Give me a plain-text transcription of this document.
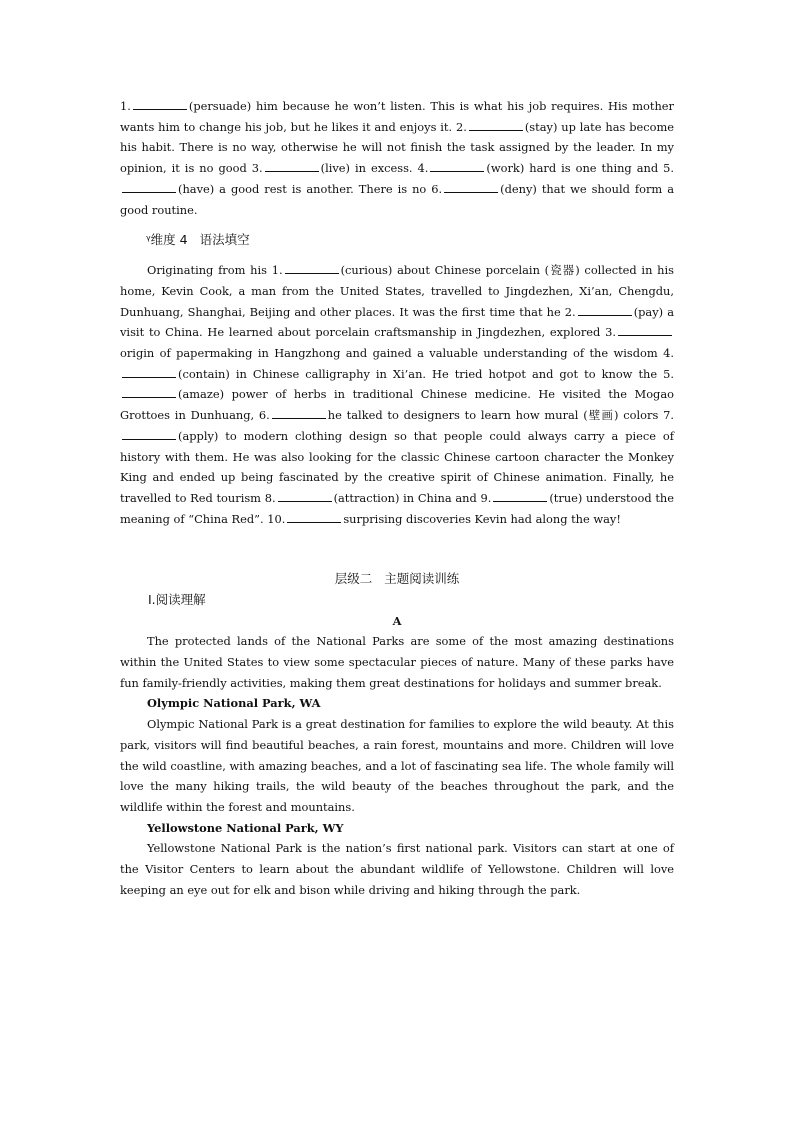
1.	(persuade) him because he won’t listen. This is what his job requires. His mother wants him to change his job, but he likes it and enjoys it. 2.	(stay) up late has become his habit. There is no way, otherwise he will not finish the task assigned by the leader. In my opinion, it is no good 3.	(live) in excess. 4.	(work) hard is one thing and 5.(have) a good rest is another. There is no 6.	(deny) that we should form a good routine.

ᵞ维度 4 语法填空

Originating from his 1.	(curious) about Chinese porcelain (瓷器) collected in his home, Kevin Cook, a man from the United States, travelled to Jingdezhen, Xi’an, Chengdu, Dunhuang, Shanghai, Beijing and other places. It was the first time that he 2.	(pay) a visit to China. He learned about porcelain craftsmanship in Jingdezhen, explored 3.origin of papermaking in Hangzhong and gained a valuable understanding of the wisdom 4.(contain) in Chinese calligraphy in Xi’an. He tried hotpot and got to know the 5.(amaze) power of herbs in traditional Chinese medicine. He visited the Mogao Grottoes in Dunhuang, 6.	he talked to designers to learn how mural (壁画) colors 7.(apply) to modern clothing design so that people could always carry a piece of history with them. He was also looking for the classic Chinese cartoon character the Monkey King and ended up being fascinated by the creative spirit of Chinese animation. Finally, he travelled to Red tourism 8.	(attraction) in China and 9.	(true) understood the meaning of “China Red”. 10.	surprising discoveries Kevin had along the way!

层级二 主题阅读训练
Ⅰ.阅读理解
A

The protected lands of the National Parks are some of the most amazing destinations within the United States to view some spectacular pieces of nature. Many of these parks have fun family-friendly activities, making them great destinations for holidays and summer break.

Olympic National Park, WA

Olympic National Park is a great destination for families to explore the wild beauty. At this park, visitors will find beautiful beaches, a rain forest, mountains and more. Children will love the wild coastline, with amazing beaches, and a lot of fascinating sea life. The whole family will love the many hiking trails, the wild beauty of the beaches throughout the park, and the wildlife within the forest and mountains.

Yellowstone National Park, WY

Yellowstone National Park is the nation’s first national park. Visitors can start at one of the Visitor Centers to learn about the abundant wildlife of Yellowstone. Children will love keeping an eye out for elk and bison while driving and hiking through the park.
